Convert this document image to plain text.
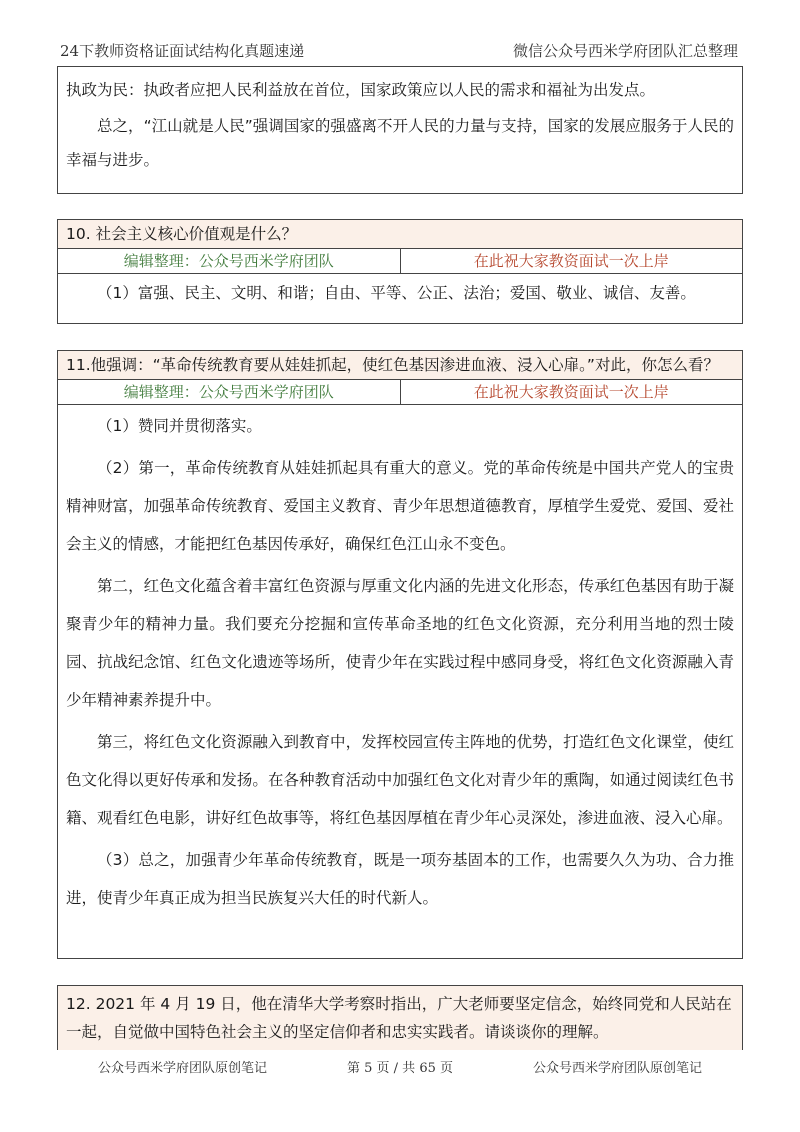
24下教师资格证面试结构化真题速递	微信公众号西米学府团队汇总整理

执政为民：执政者应把人民利益放在首位，国家政策应以人民的需求和福祉为出发点。

总之，“江山就是人民”强调国家的强盛离不开人民的力量与支持，国家的发展应服务于人民的幸福与进步。

10. 社会主义核心价值观是什么？
编辑整理：公众号西米学府团队	在此祝大家教资面试一次上岸

（1）富强、民主、文明、和谐；自由、平等、公正、法治；爱国、敬业、诚信、友善。

11.他强调：“革命传统教育要从娃娃抓起，使红色基因渗进血液、浸入心扉。”对此，你怎么看？
编辑整理：公众号西米学府团队	在此祝大家教资面试一次上岸

（1）赞同并贯彻落实。

（2）第一，革命传统教育从娃娃抓起具有重大的意义。党的革命传统是中国共产党人的宝贵精神财富，加强革命传统教育、爱国主义教育、青少年思想道德教育，厚植学生爱党、爱国、爱社会主义的情感，才能把红色基因传承好，确保红色江山永不变色。

第二，红色文化蕴含着丰富红色资源与厚重文化内涵的先进文化形态，传承红色基因有助于凝聚青少年的精神力量。我们要充分挖掘和宣传革命圣地的红色文化资源，充分利用当地的烈士陵园、抗战纪念馆、红色文化遗迹等场所，使青少年在实践过程中感同身受，将红色文化资源融入青少年精神素养提升中。

第三，将红色文化资源融入到教育中，发挥校园宣传主阵地的优势，打造红色文化课堂，使红色文化得以更好传承和发扬。在各种教育活动中加强红色文化对青少年的熏陶，如通过阅读红色书籍、观看红色电影，讲好红色故事等，将红色基因厚植在青少年心灵深处，渗进血液、浸入心扉。

（3）总之，加强青少年革命传统教育，既是一项夯基固本的工作，也需要久久为功、合力推进，使青少年真正成为担当民族复兴大任的时代新人。

12. 2021 年 4 月 19 日，他在清华大学考察时指出，广大老师要坚定信念，始终同党和人民站在一起，自觉做中国特色社会主义的坚定信仰者和忠实实践者。请谈谈你的理解。
公众号西米学府团队原创笔记	第 5 页 / 共 65 页	公众号西米学府团队原创笔记
